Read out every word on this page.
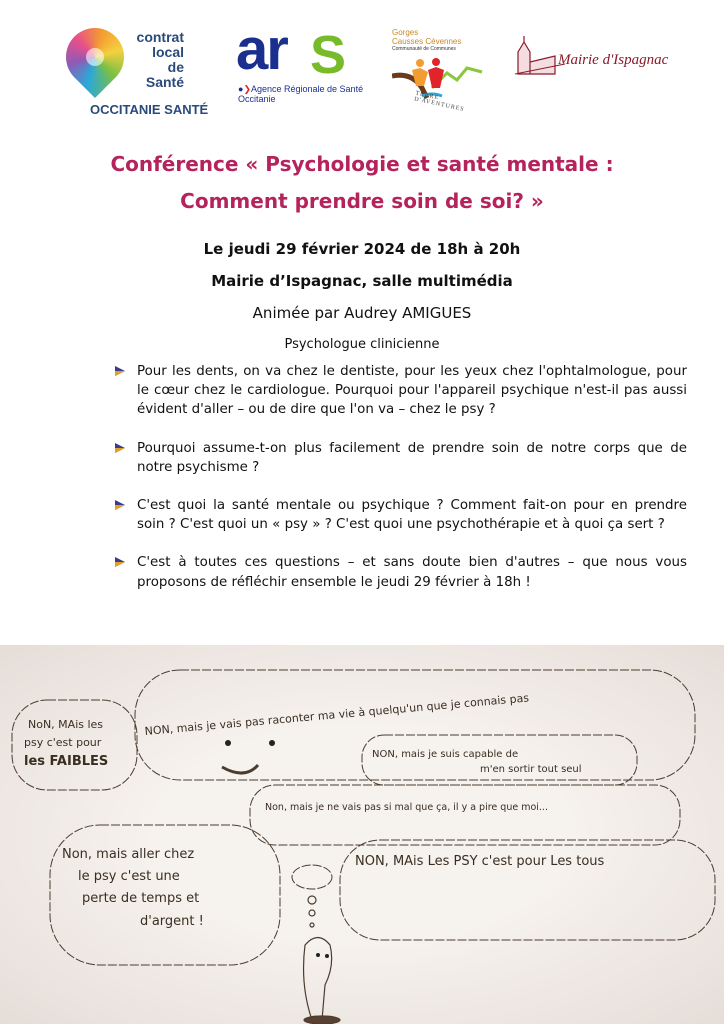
contrat
local
de Santé
OCCITANIE SANTÉ
ar S
●❯Agence Régionale de Santé
Occitanie
Gorges
Causses Cévennes
Communauté de Communes
TERRE D'AVENTURES
Mairie d'Ispagnac
Conférence « Psychologie et santé mentale :
Comment prendre soin de soi? »
Le jeudi 29 février 2024 de 18h à 20h
Mairie d’Ispagnac, salle multimédia
Animée par Audrey AMIGUES
Psychologue clinicienne
Pour les dents, on va chez le dentiste, pour les yeux chez l'ophtalmologue, pour le cœur chez le cardiologue. Pourquoi pour l'appareil psychique n'est-il pas aussi évident d'aller – ou de dire que l'on va – chez le psy ?
Pourquoi assume-t-on plus facilement de prendre soin de notre corps que de notre psychisme ?
C'est quoi la santé mentale ou psychique ? Comment fait-on pour en prendre soin ? C'est quoi un « psy » ? C'est quoi une psychothérapie et à quoi ça sert ?
C'est à toutes ces questions – et sans doute bien d'autres – que nous vous proposons de réfléchir ensemble le jeudi 29 février à 18h !
NoN, MAis les
psy c'est pour
les FAIBLES
NON, mais je vais pas raconter ma vie à quelqu'un que je connais pas
NON, mais je suis capable de
m'en sortir tout seul
Non, mais je ne vais pas si mal que ça, il y a pire que moi...
Non, mais aller chez
le psy c'est une
perte de temps et
d'argent !
NON, MAis Les PSY c'est pour Les tous
